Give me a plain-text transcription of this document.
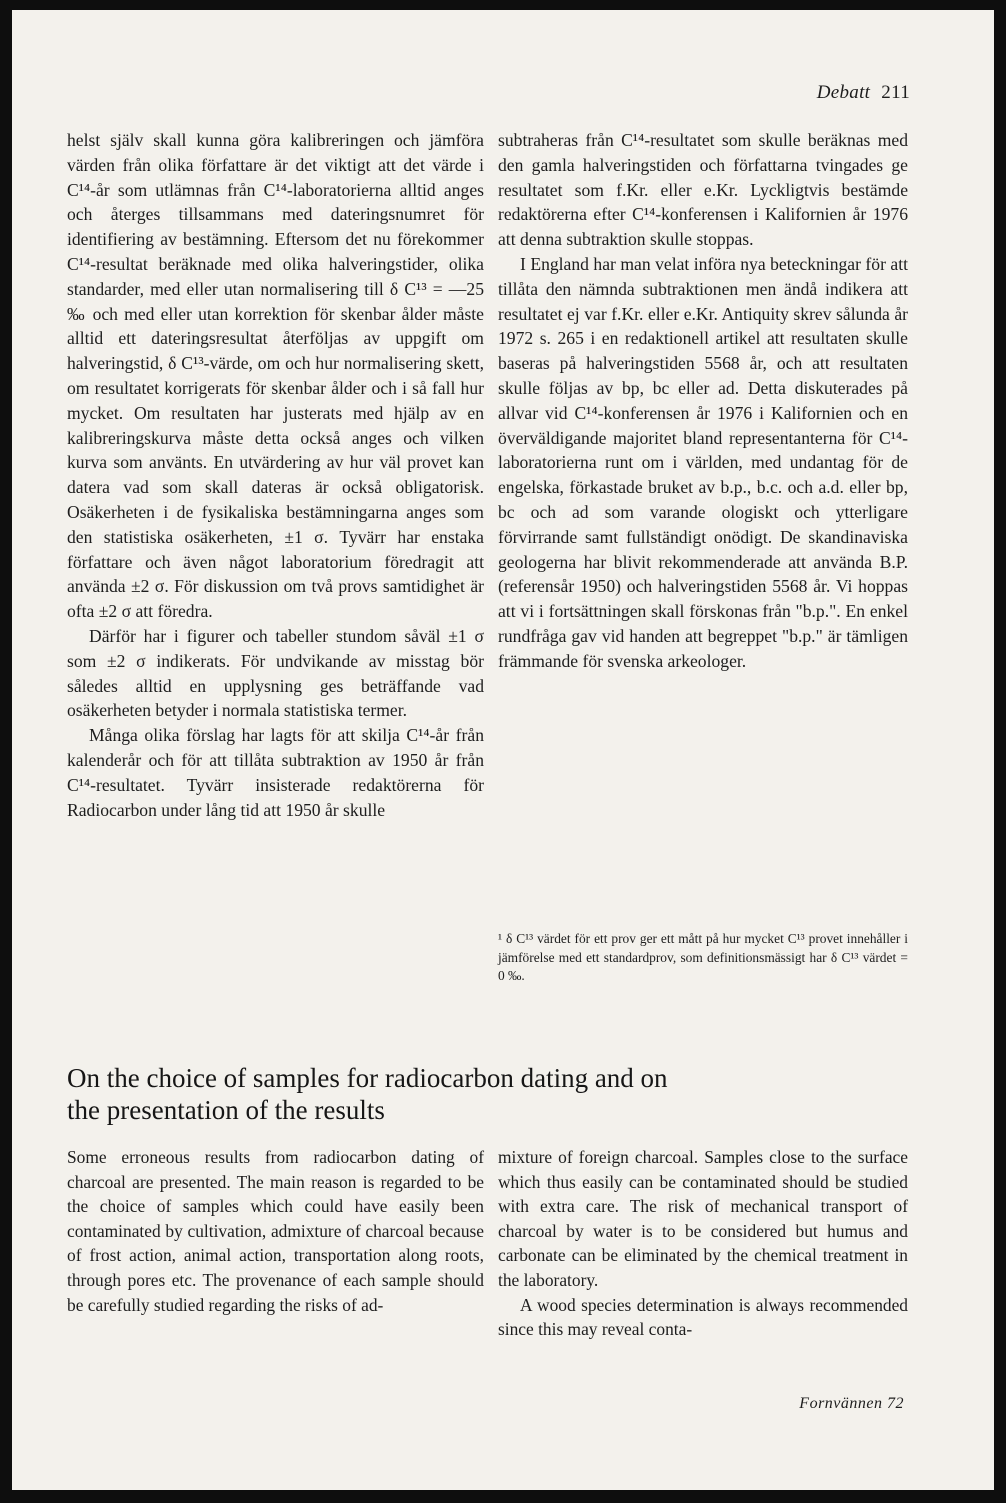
Debatt 211

helst själv skall kunna göra kalibreringen och jämföra värden från olika författare är det viktigt att det värde i C¹⁴-år som utlämnas från C¹⁴-laboratorierna alltid anges och återges tillsammans med dateringsnumret för identifiering av bestämning. Eftersom det nu förekommer C¹⁴-resultat beräknade med olika halveringstider, olika standarder, med eller utan normalisering till δ C¹³ = —25 ‰ och med eller utan korrektion för skenbar ålder måste alltid ett dateringsresultat återföljas av uppgift om halveringstid, δ C¹³-värde, om och hur normalisering skett, om resultatet korrigerats för skenbar ålder och i så fall hur mycket. Om resultaten har justerats med hjälp av en kalibreringskurva måste detta också anges och vilken kurva som använts. En utvärdering av hur väl provet kan datera vad som skall dateras är också obligatorisk. Osäkerheten i de fysikaliska bestämningarna anges som den statistiska osäkerheten, ±1 σ. Tyvärr har enstaka författare och även något laboratorium föredragit att använda ±2 σ. För diskussion om två provs samtidighet är ofta ±2 σ att föredra.

Därför har i figurer och tabeller stundom såväl ±1 σ som ±2 σ indikerats. För undvikande av misstag bör således alltid en upplysning ges beträffande vad osäkerheten betyder i normala statistiska termer.

Många olika förslag har lagts för att skilja C¹⁴-år från kalenderår och för att tillåta subtraktion av 1950 år från C¹⁴-resultatet. Tyvärr insisterade redaktörerna för Radiocarbon under lång tid att 1950 år skulle

subtraheras från C¹⁴-resultatet som skulle beräknas med den gamla halveringstiden och författarna tvingades ge resultatet som f.Kr. eller e.Kr. Lyckligtvis bestämde redaktörerna efter C¹⁴-konferensen i Kalifornien år 1976 att denna subtraktion skulle stoppas.

I England har man velat införa nya beteckningar för att tillåta den nämnda subtraktionen men ändå indikera att resultatet ej var f.Kr. eller e.Kr. Antiquity skrev sålunda år 1972 s. 265 i en redaktionell artikel att resultaten skulle baseras på halveringstiden 5568 år, och att resultaten skulle följas av bp, bc eller ad. Detta diskuterades på allvar vid C¹⁴-konferensen år 1976 i Kalifornien och en överväldigande majoritet bland representanterna för C¹⁴-laboratorierna runt om i världen, med undantag för de engelska, förkastade bruket av b.p., b.c. och a.d. eller bp, bc och ad som varande ologiskt och ytterligare förvirrande samt fullständigt onödigt. De skandinaviska geologerna har blivit rekommenderade att använda B.P. (referensår 1950) och halveringstiden 5568 år. Vi hoppas att vi i fortsättningen skall förskonas från "b.p.". En enkel rundfråga gav vid handen att begreppet "b.p." är tämligen främmande för svenska arkeologer.

¹ δ C¹³ värdet för ett prov ger ett mått på hur mycket C¹³ provet innehåller i jämförelse med ett standardprov, som definitionsmässigt har δ C¹³ värdet = 0 ‰.
On the choice of samples for radiocarbon dating and on
the presentation of the results

Some erroneous results from radiocarbon dating of charcoal are presented. The main reason is regarded to be the choice of samples which could have easily been contaminated by cultivation, admixture of charcoal because of frost action, animal action, transportation along roots, through pores etc. The provenance of each sample should be carefully studied regarding the risks of ad-

mixture of foreign charcoal. Samples close to the surface which thus easily can be contaminated should be studied with extra care. The risk of mechanical transport of charcoal by water is to be considered but humus and carbonate can be eliminated by the chemical treatment in the laboratory.

A wood species determination is always recommended since this may reveal conta-

Fornvännen 72
